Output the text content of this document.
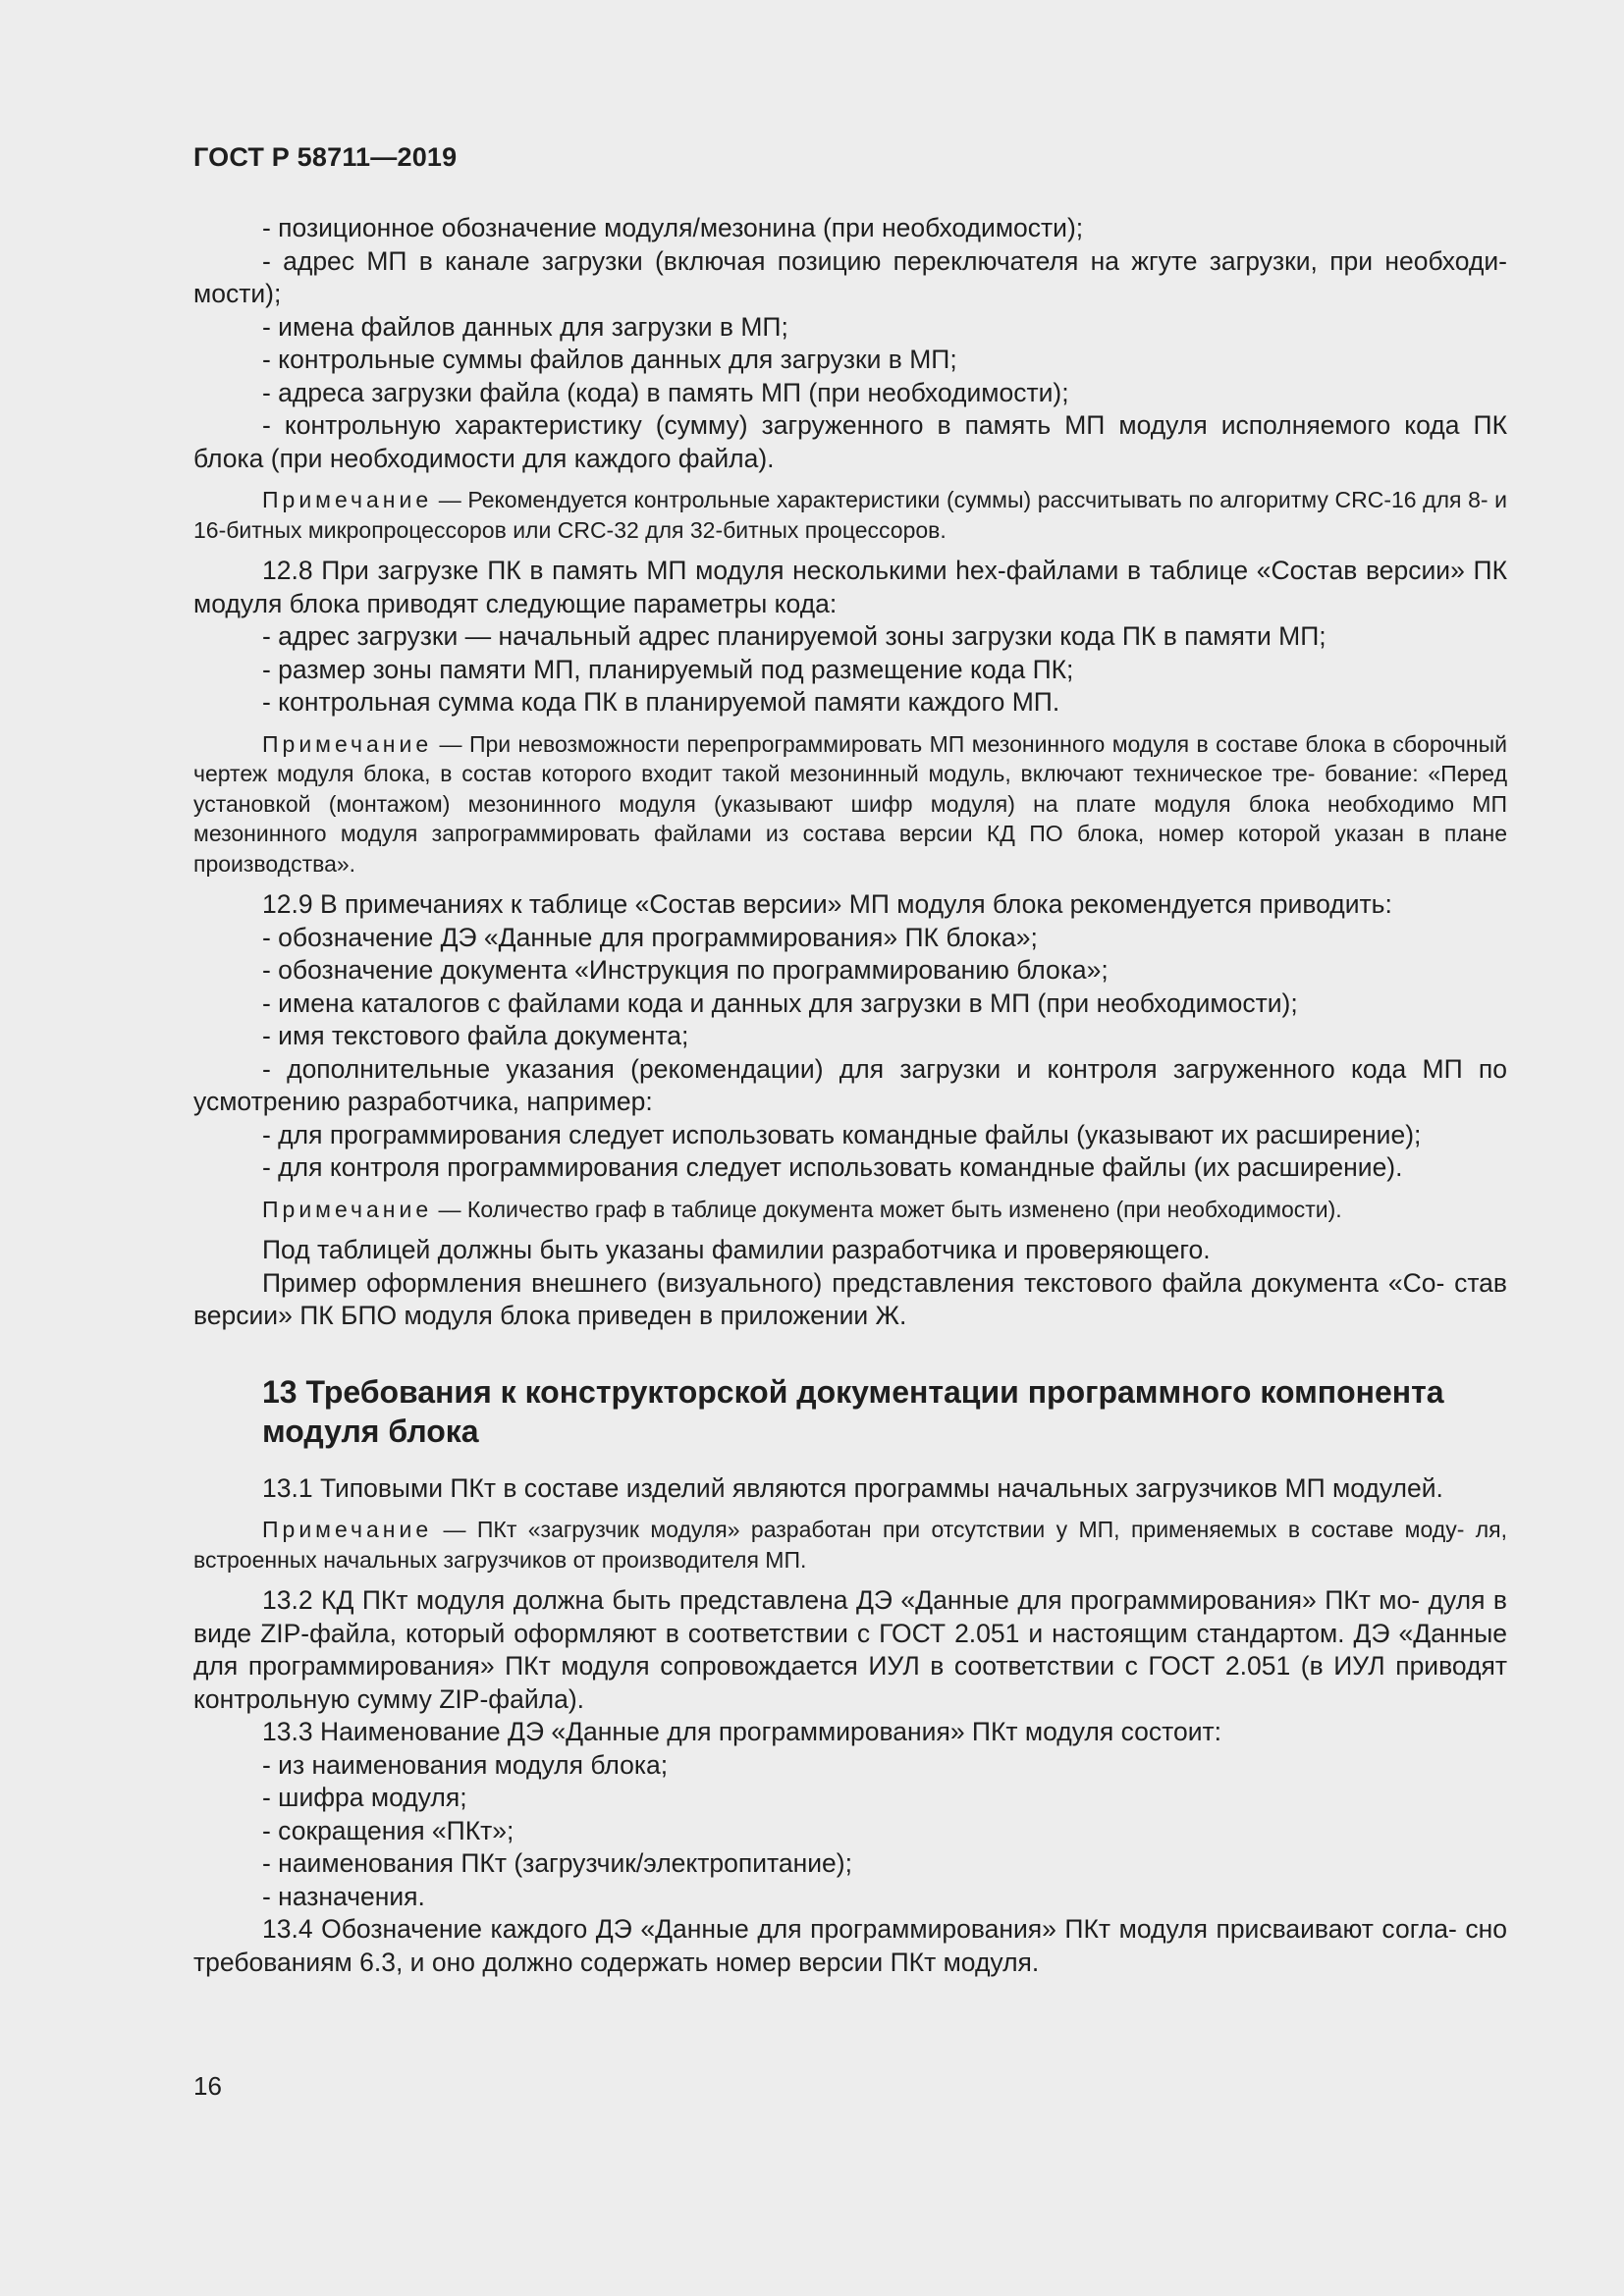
ГОСТ Р 58711—2019

- позиционное обозначение модуля/мезонина (при необходимости);

- адрес МП в канале загрузки (включая позицию переключателя на жгуте загрузки, при необходи- мости);

- имена файлов данных для загрузки в МП;

- контрольные суммы файлов данных для загрузки в МП;

- адреса загрузки файла (кода) в память МП (при необходимости);

- контрольную характеристику (сумму) загруженного в память МП модуля исполняемого кода ПК блока (при необходимости для каждого файла).

Примечание — Рекомендуется контрольные характеристики (суммы) рассчитывать по алгоритму CRC-16 для 8- и 16-битных микропроцессоров или CRC-32 для 32-битных процессоров.

12.8 При загрузке ПК в память МП модуля несколькими hex-файлами в таблице «Состав версии» ПК модуля блока приводят следующие параметры кода:

- адрес загрузки — начальный адрес планируемой зоны загрузки кода ПК в памяти МП;

- размер зоны памяти МП, планируемый под размещение кода ПК;

- контрольная сумма кода ПК в планируемой памяти каждого МП.

Примечание — При невозможности перепрограммировать МП мезонинного модуля в составе блока в сборочный чертеж модуля блока, в состав которого входит такой мезонинный модуль, включают техническое тре- бование: «Перед установкой (монтажом) мезонинного модуля (указывают шифр модуля) на плате модуля блока необходимо МП мезонинного модуля запрограммировать файлами из состава версии КД ПО блока, номер которой указан в плане производства».

12.9 В примечаниях к таблице «Состав версии» МП модуля блока рекомендуется приводить:

- обозначение ДЭ «Данные для программирования» ПК блока»;

- обозначение документа «Инструкция по программированию блока»;

- имена каталогов с файлами кода и данных для загрузки в МП (при необходимости);

- имя текстового файла документа;

- дополнительные указания (рекомендации) для загрузки и контроля загруженного кода МП по усмотрению разработчика, например:

- для программирования следует использовать командные файлы (указывают их расширение);

- для контроля программирования следует использовать командные файлы (их расширение).

Примечание — Количество граф в таблице документа может быть изменено (при необходимости).

Под таблицей должны быть указаны фамилии разработчика и проверяющего.

Пример оформления внешнего (визуального) представления текстового файла документа «Со- став версии» ПК БПО модуля блока приведен в приложении Ж.

13 Требования к конструкторской документации программного компонента модуля блока

13.1 Типовыми ПКт в составе изделий являются программы начальных загрузчиков МП модулей.

Примечание — ПКт «загрузчик модуля» разработан при отсутствии у МП, применяемых в составе моду- ля, встроенных начальных загрузчиков от производителя МП.

13.2 КД ПКт модуля должна быть представлена ДЭ «Данные для программирования» ПКт мо- дуля в виде ZIP-файла, который оформляют в соответствии с ГОСТ 2.051 и настоящим стандартом. ДЭ «Данные для программирования» ПКт модуля сопровождается ИУЛ в соответствии с ГОСТ 2.051 (в ИУЛ приводят контрольную сумму ZIP-файла).

13.3 Наименование ДЭ «Данные для программирования» ПКт модуля состоит:

- из наименования модуля блока;

- шифра модуля;

- сокращения «ПКт»;

- наименования ПКт (загрузчик/электропитание);

- назначения.

13.4 Обозначение каждого ДЭ «Данные для программирования» ПКт модуля присваивают согла- сно требованиям 6.3, и оно должно содержать номер версии ПКт модуля.

16
